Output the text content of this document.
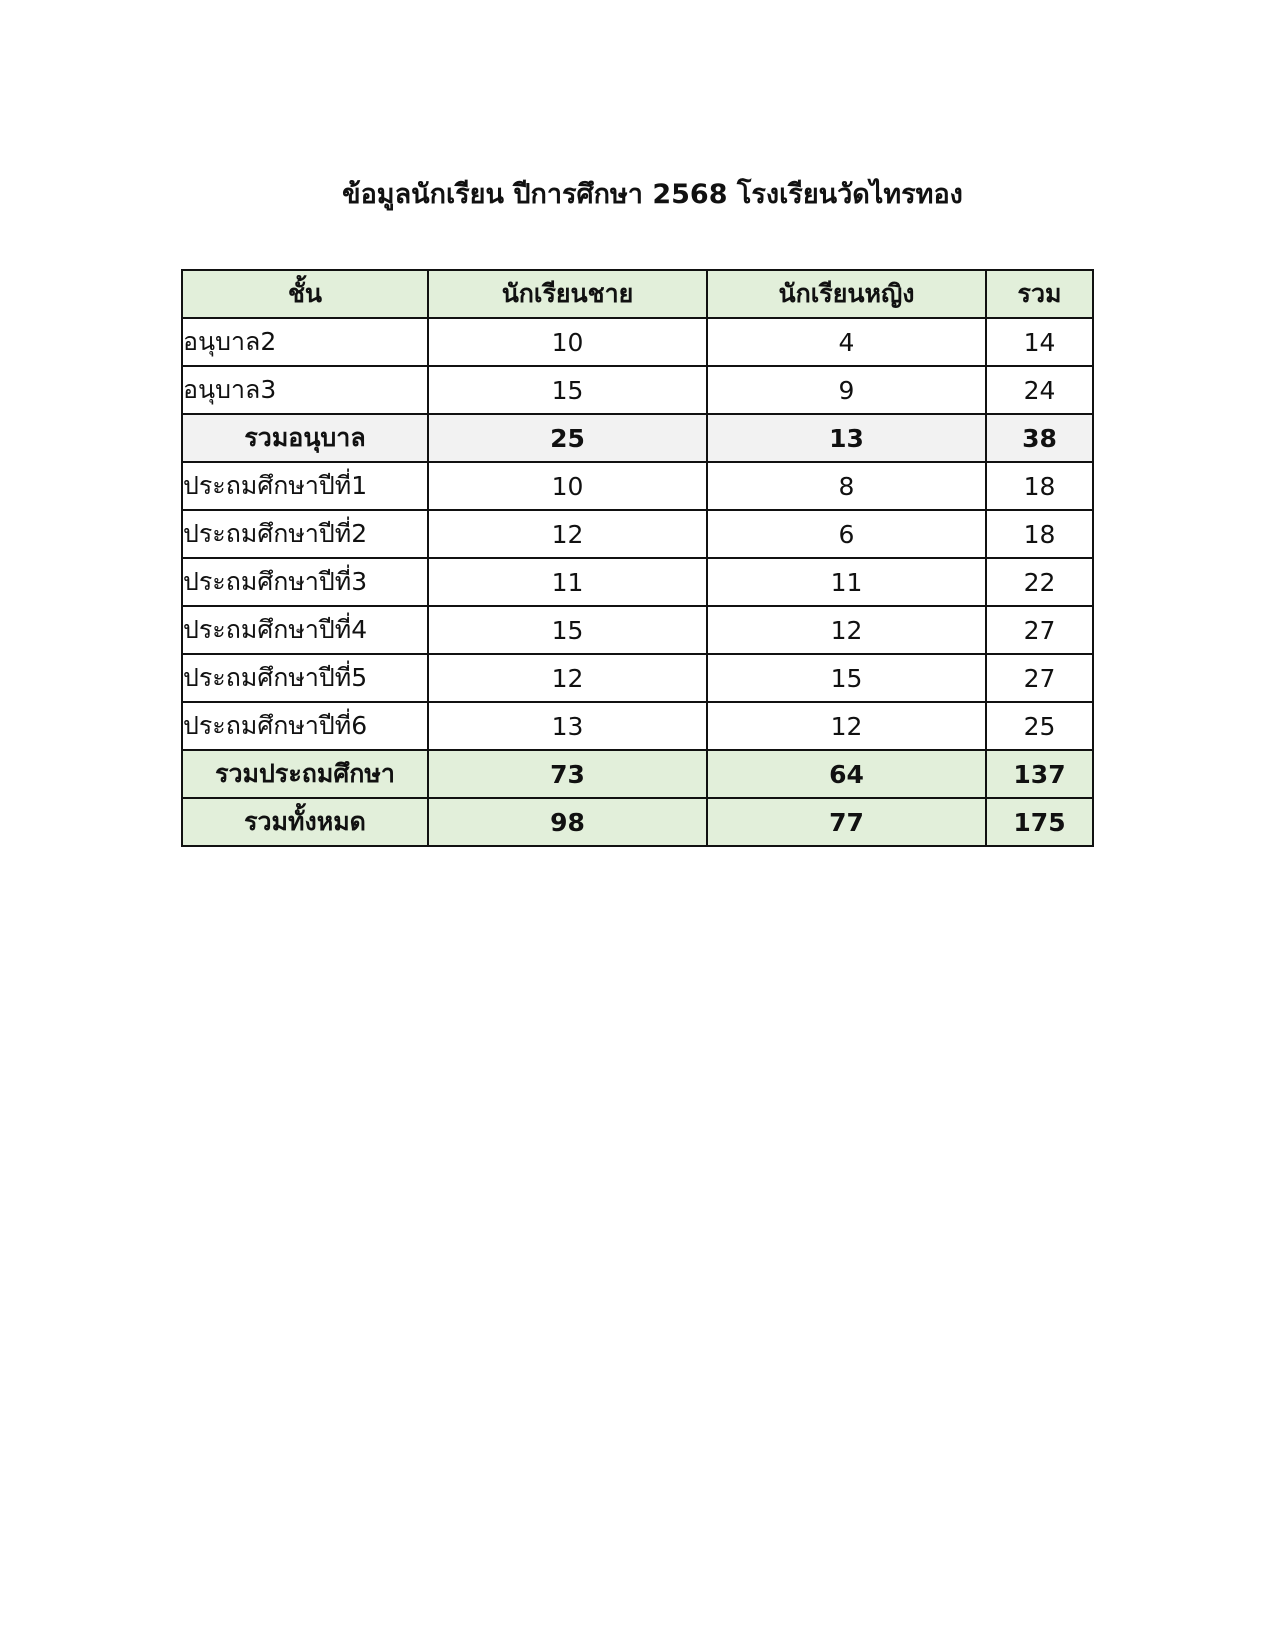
ข้อมูลนักเรียน ปีการศึกษา 2568 โรงเรียนวัดไทรทอง
ชั้น	นักเรียนชาย	นักเรียนหญิง	รวม
อนุบาล2	10	4	14
อนุบาล3	15	9	24
รวมอนุบาล	25	13	38
ประถมศึกษาปีที่1	10	8	18
ประถมศึกษาปีที่2	12	6	18
ประถมศึกษาปีที่3	11	11	22
ประถมศึกษาปีที่4	15	12	27
ประถมศึกษาปีที่5	12	15	27
ประถมศึกษาปีที่6	13	12	25
รวมประถมศึกษา	73	64	137
รวมทั้งหมด	98	77	175
